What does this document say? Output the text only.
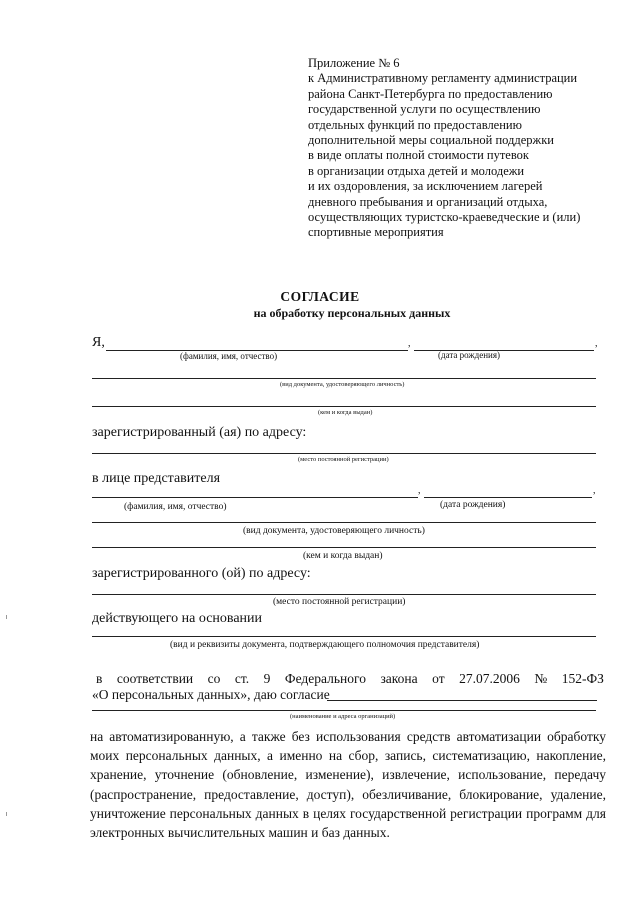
Приложение № 6
к Административному регламенту администрации
района Санкт-Петербурга по предоставлению
государственной услуги по осуществлению
отдельных функций по предоставлению
дополнительной меры социальной поддержки
в виде оплаты полной стоимости путевок
в организации отдыха детей и молодежи
и их оздоровления, за исключением лагерей
дневного пребывания и организаций отдыха,
осуществляющих туристско-краеведческие и (или)
спортивные мероприятия
СОГЛАСИЕ
на обработку персональных данных
Я,	,	,
(фамилия, имя, отчество)	(дата рождения)
(вид документа, удостоверяющего личность)
(кем и когда выдан)
зарегистрированный (ая) по адресу:
(место постоянной регистрации)
в лице представителя
,	,
(фамилия, имя, отчество)	(дата рождения)
(вид документа, удостоверяющего личность)
(кем и когда выдан)
зарегистрированного (ой) по адресу:
(место постоянной регистрации)
действующего на основании
(вид и реквизиты документа, подтверждающего полномочия представителя)
в соответствии со ст. 9 Федерального закона от 27.07.2006 № 152-ФЗ
«О персональных данных», даю согласие
(наименование и адреса организаций)
на автоматизированную, а также без использования средств автоматизации обработку
моих персональных данных, а именно на сбор, запись, систематизацию, накопление,
хранение, уточнение (обновление, изменение), извлечение, использование, передачу
(распространение, предоставление, доступ), обезличивание, блокирование, удаление,
уничтожение персональных данных в целях государственной регистрации программ для
электронных вычислительных машин и баз данных.
